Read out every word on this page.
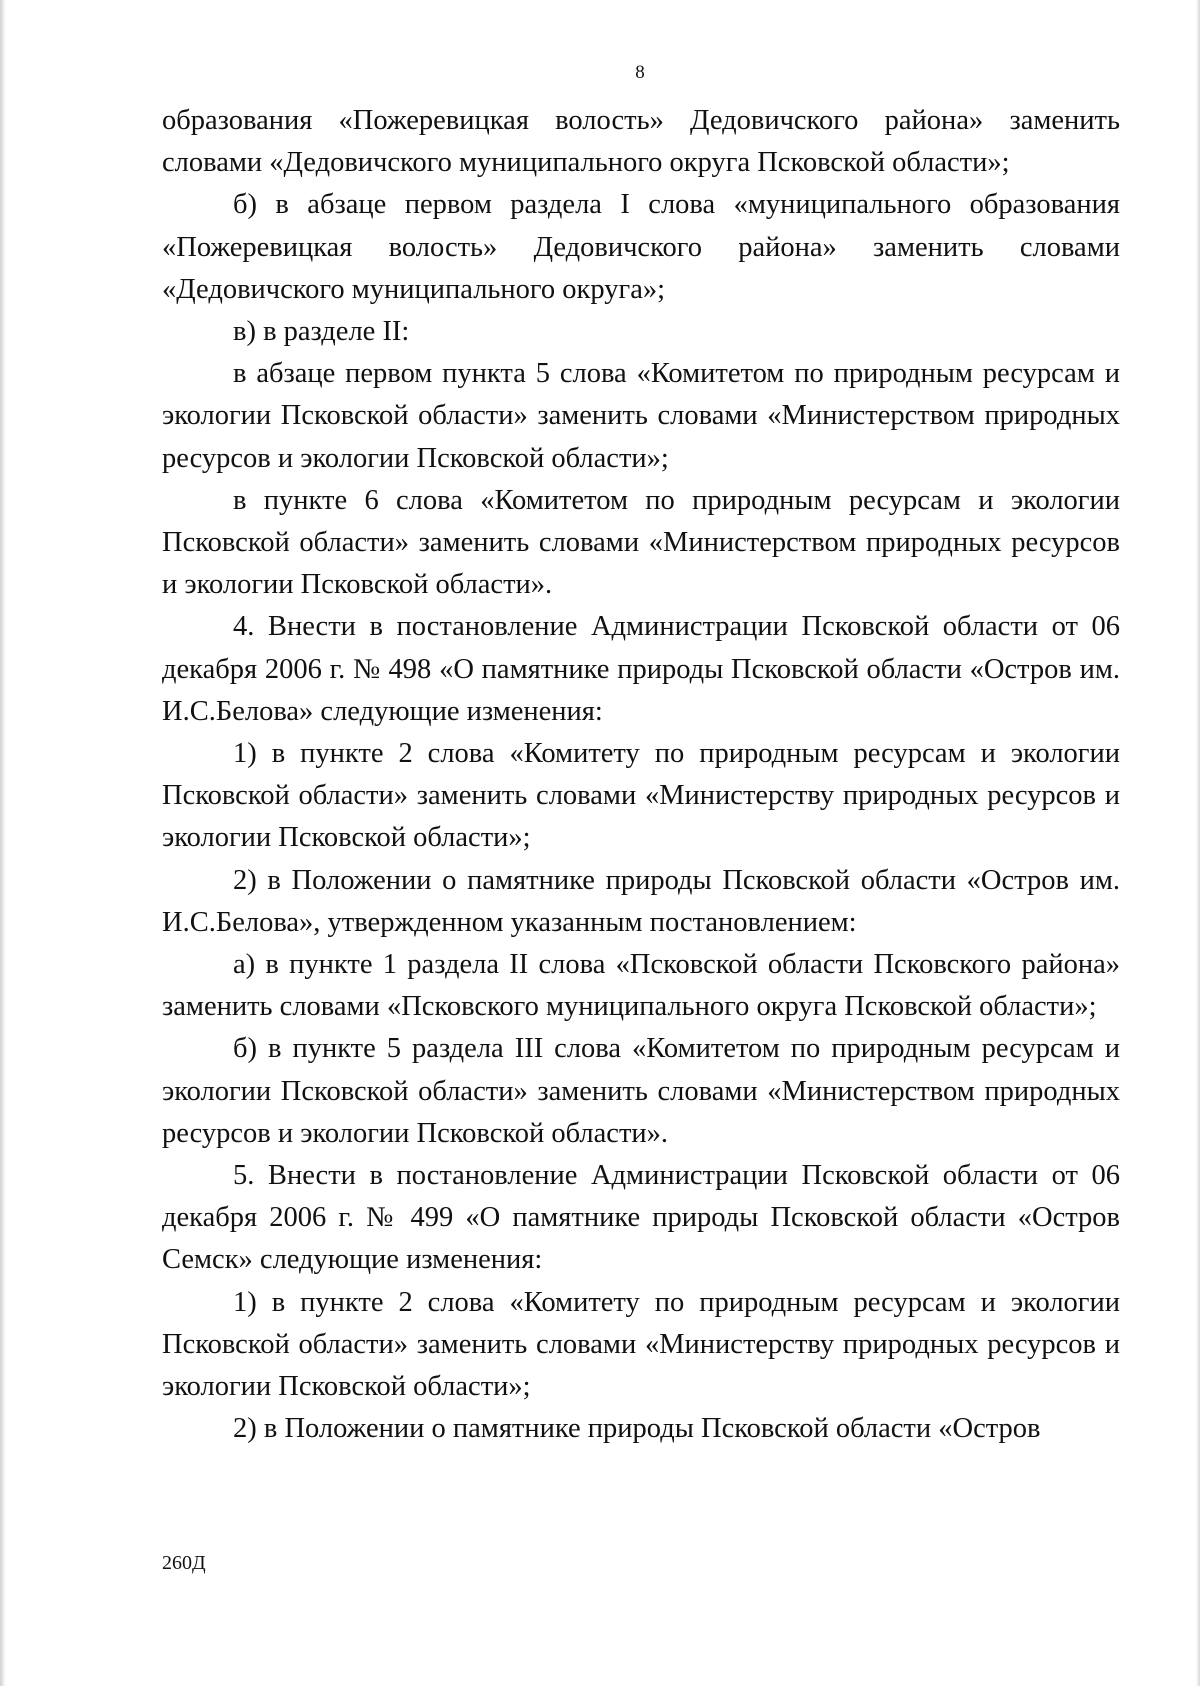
8

образования «Пожеревицкая волость» Дедовичского района» заменить словами «Дедовичского муниципального округа Псковской области»;

б) в абзаце первом раздела I слова «муниципального образования «Пожеревицкая волость» Дедовичского района» заменить словами «Дедовичского муниципального округа»;

в) в разделе II:

в абзаце первом пункта 5 слова «Комитетом по природным ресурсам и экологии Псковской области» заменить словами «Министерством природных ресурсов и экологии Псковской области»;

в пункте 6 слова «Комитетом по природным ресурсам и экологии Псковской области» заменить словами «Министерством природных ресурсов и экологии Псковской области».

4. Внести в постановление Администрации Псковской области от 06 декабря 2006 г. № 498 «О памятнике природы Псковской области «Остров им. И.С.Белова» следующие изменения:

1) в пункте 2 слова «Комитету по природным ресурсам и экологии Псковской области» заменить словами «Министерству природных ресурсов и экологии Псковской области»;

2) в Положении о памятнике природы Псковской области «Остров им. И.С.Белова», утвержденном указанным постановлением:

а) в пункте 1 раздела II слова «Псковской области Псковского района» заменить словами «Псковского муниципального округа Псковской области»;

б) в пункте 5 раздела III слова «Комитетом по природным ресурсам и экологии Псковской области» заменить словами «Министерством природных ресурсов и экологии Псковской области».

5. Внести в постановление Администрации Псковской области от 06 декабря 2006 г. № 499 «О памятнике природы Псковской области «Остров Семск» следующие изменения:

1) в пункте 2 слова «Комитету по природным ресурсам и экологии Псковской области» заменить словами «Министерству природных ресурсов и экологии Псковской области»;

2) в Положении о памятнике природы Псковской области «Остров

260Д
